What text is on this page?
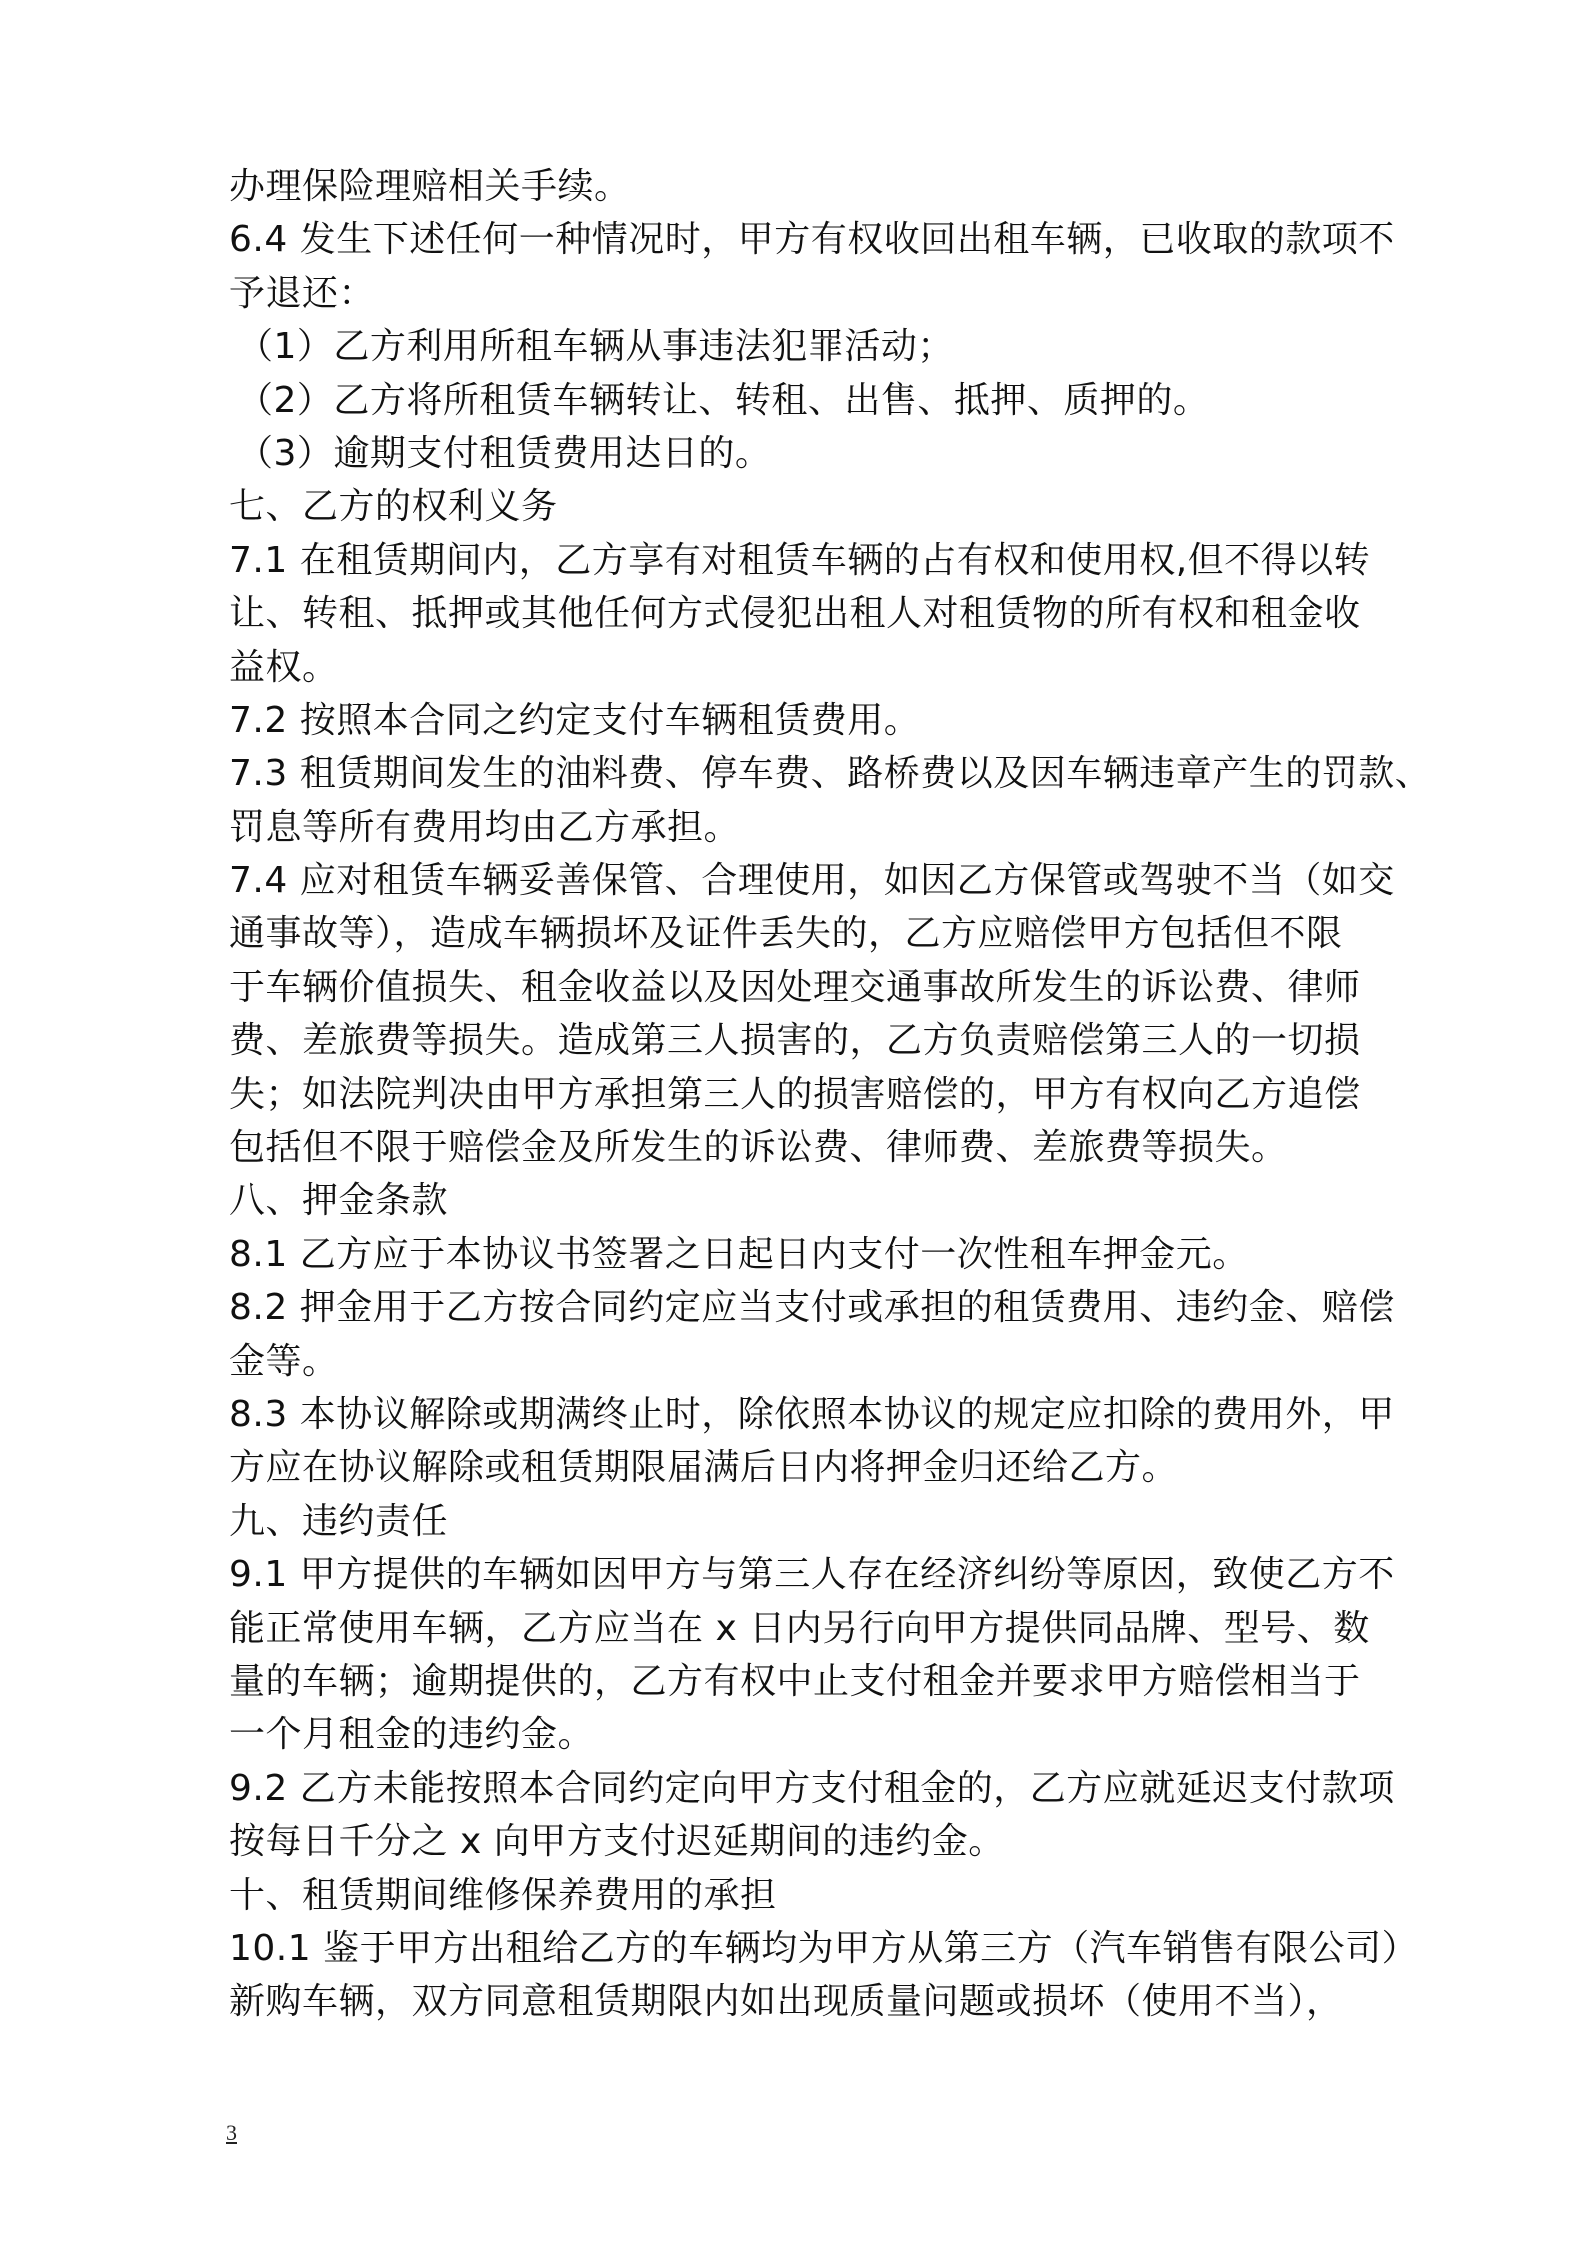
办理保险理赔相关手续。
6.4 发生下述任何一种情况时，甲方有权收回出租车辆，已收取的款项不
予退还：
（1）乙方利用所租车辆从事违法犯罪活动；
（2）乙方将所租赁车辆转让、转租、出售、抵押、质押的。
（3）逾期支付租赁费用达日的。
七、乙方的权利义务
7.1 在租赁期间内，乙方享有对租赁车辆的占有权和使用权,但不得以转
让、转租、抵押或其他任何方式侵犯出租人对租赁物的所有权和租金收
益权。
7.2 按照本合同之约定支付车辆租赁费用。
7.3 租赁期间发生的油料费、停车费、路桥费以及因车辆违章产生的罚款、
罚息等所有费用均由乙方承担。
7.4 应对租赁车辆妥善保管、合理使用，如因乙方保管或驾驶不当（如交
通事故等），造成车辆损坏及证件丢失的，乙方应赔偿甲方包括但不限
于车辆价值损失、租金收益以及因处理交通事故所发生的诉讼费、律师
费、差旅费等损失。造成第三人损害的，乙方负责赔偿第三人的一切损
失；如法院判决由甲方承担第三人的损害赔偿的，甲方有权向乙方追偿
包括但不限于赔偿金及所发生的诉讼费、律师费、差旅费等损失。
八、押金条款
8.1 乙方应于本协议书签署之日起日内支付一次性租车押金元。
8.2 押金用于乙方按合同约定应当支付或承担的租赁费用、违约金、赔偿
金等。
8.3 本协议解除或期满终止时，除依照本协议的规定应扣除的费用外，甲
方应在协议解除或租赁期限届满后日内将押金归还给乙方。
九、违约责任
9.1 甲方提供的车辆如因甲方与第三人存在经济纠纷等原因，致使乙方不
能正常使用车辆，乙方应当在 x 日内另行向甲方提供同品牌、型号、数
量的车辆；逾期提供的，乙方有权中止支付租金并要求甲方赔偿相当于
一个月租金的违约金。
9.2 乙方未能按照本合同约定向甲方支付租金的，乙方应就延迟支付款项
按每日千分之 x 向甲方支付迟延期间的违约金。
十、租赁期间维修保养费用的承担
10.1 鉴于甲方出租给乙方的车辆均为甲方从第三方（汽车销售有限公司）
新购车辆，双方同意租赁期限内如出现质量问题或损坏（使用不当），
3
